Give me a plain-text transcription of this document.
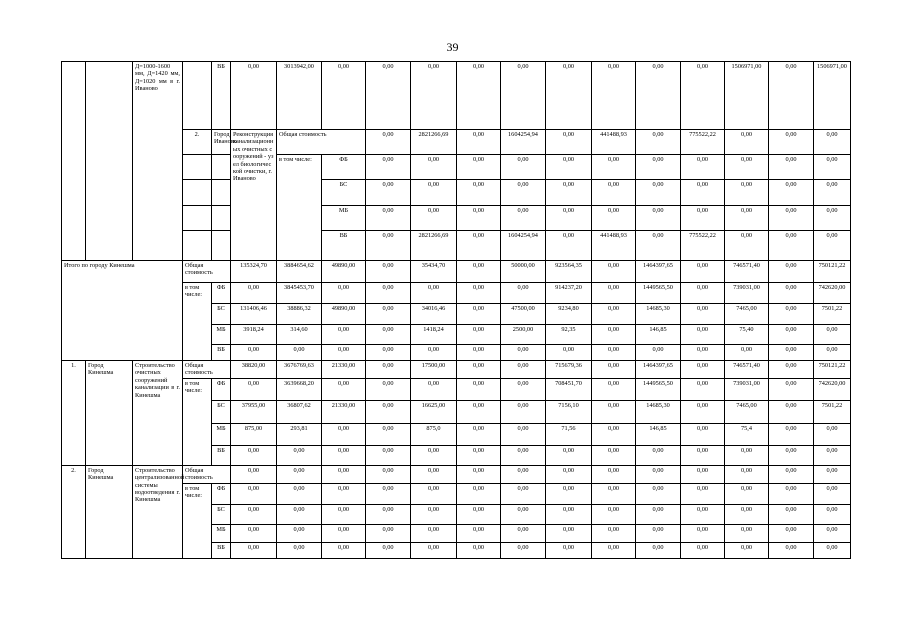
39
		Д=1000-1600 мм, Д=1420 мм, Д=1020 мм в г. Иваново		ВБ	0,00	3013942,00	0,00	0,00	0,00	0,00	0,00	0,00	0,00	0,00	0,00	1506971,00	0,00	1506971,00	
			2.	Город Иваново	Реконструкция канализационных очистных сооружений - узел биологической очистки, г. Иваново	Общая стоимость		0,00	2821266,69	0,00	1604254,94	0,00	441488,93	0,00	775522,22	0,00	0,00	0,00			
						в том числе:	ФБ	0,00	0,00	0,00	0,00	0,00	0,00	0,00	0,00	0,00	0,00	0,00			
							БС	0,00	0,00	0,00	0,00	0,00	0,00	0,00	0,00	0,00	0,00	0,00			
							МБ	0,00	0,00	0,00	0,00	0,00	0,00	0,00	0,00	0,00	0,00	0,00			
							ВБ	0,00	2821266,69	0,00	1604254,94	0,00	441488,93	0,00	775522,22	0,00	0,00	0,00			
Итого по городу Кинешма			Общая стоимость		135324,70	3884654,62	49890,00	0,00	35434,70	0,00	50000,00	923564,35	0,00	1464397,65	0,00	746571,40	0,00	750121,22	
			в том числе:	ФБ	0,00	3845453,70	0,00	0,00	0,00	0,00	0,00	914237,20	0,00	1449565,50	0,00	739031,00	0,00	742620,00	
				БС	131406,46	38886,32	49890,00	0,00	34016,46	0,00	47500,00	9234,80	0,00	14685,30	0,00	7465,00	0,00	7501,22	
				МБ	3918,24	314,60	0,00	0,00	1418,24	0,00	2500,00	92,35	0,00	146,85	0,00	75,40	0,00	0,00	
				ВБ	0,00	0,00	0,00	0,00	0,00	0,00	0,00	0,00	0,00	0,00	0,00	0,00	0,00	0,00	
1.	Город Кинешма	Строительство очистных сооружений канализации в г. Кинешма	Общая стоимость		38820,00	3676769,63	21330,00	0,00	17500,00	0,00	0,00	715679,36	0,00	1464397,65	0,00	746571,40	0,00	750121,22	
			в том числе:	ФБ	0,00	3639668,20	0,00	0,00	0,00	0,00	0,00	708451,70	0,00	1449565,50	0,00	739031,00	0,00	742620,00	
				БС	37955,00	36807,62	21330,00	0,00	16625,00	0,00	0,00	7156,10	0,00	14685,30	0,00	7465,00	0,00	7501,22	
				МБ	875,00	293,81	0,00	0,00	875,0	0,00	0,00	71,56	0,00	146,85	0,00	75,4	0,00	0,00	
				ВБ	0,00	0,00	0,00	0,00	0,00	0,00	0,00	0,00	0,00	0,00	0,00	0,00	0,00	0,00	
2.	Город Кинешма	Строительство централизованной системы водоотведения г. Кинешма	Общая стоимость		0,00	0,00	0,00	0,00	0,00	0,00	0,00	0,00	0,00	0,00	0,00	0,00	0,00	0,00	
			в том числе:	ФБ	0,00	0,00	0,00	0,00	0,00	0,00	0,00	0,00	0,00	0,00	0,00	0,00	0,00	0,00	
				БС	0,00	0,00	0,00	0,00	0,00	0,00	0,00	0,00	0,00	0,00	0,00	0,00	0,00	0,00	
				МБ	0,00	0,00	0,00	0,00	0,00	0,00	0,00	0,00	0,00	0,00	0,00	0,00	0,00	0,00	
				ВБ	0,00	0,00	0,00	0,00	0,00	0,00	0,00	0,00	0,00	0,00	0,00	0,00	0,00	0,00	
